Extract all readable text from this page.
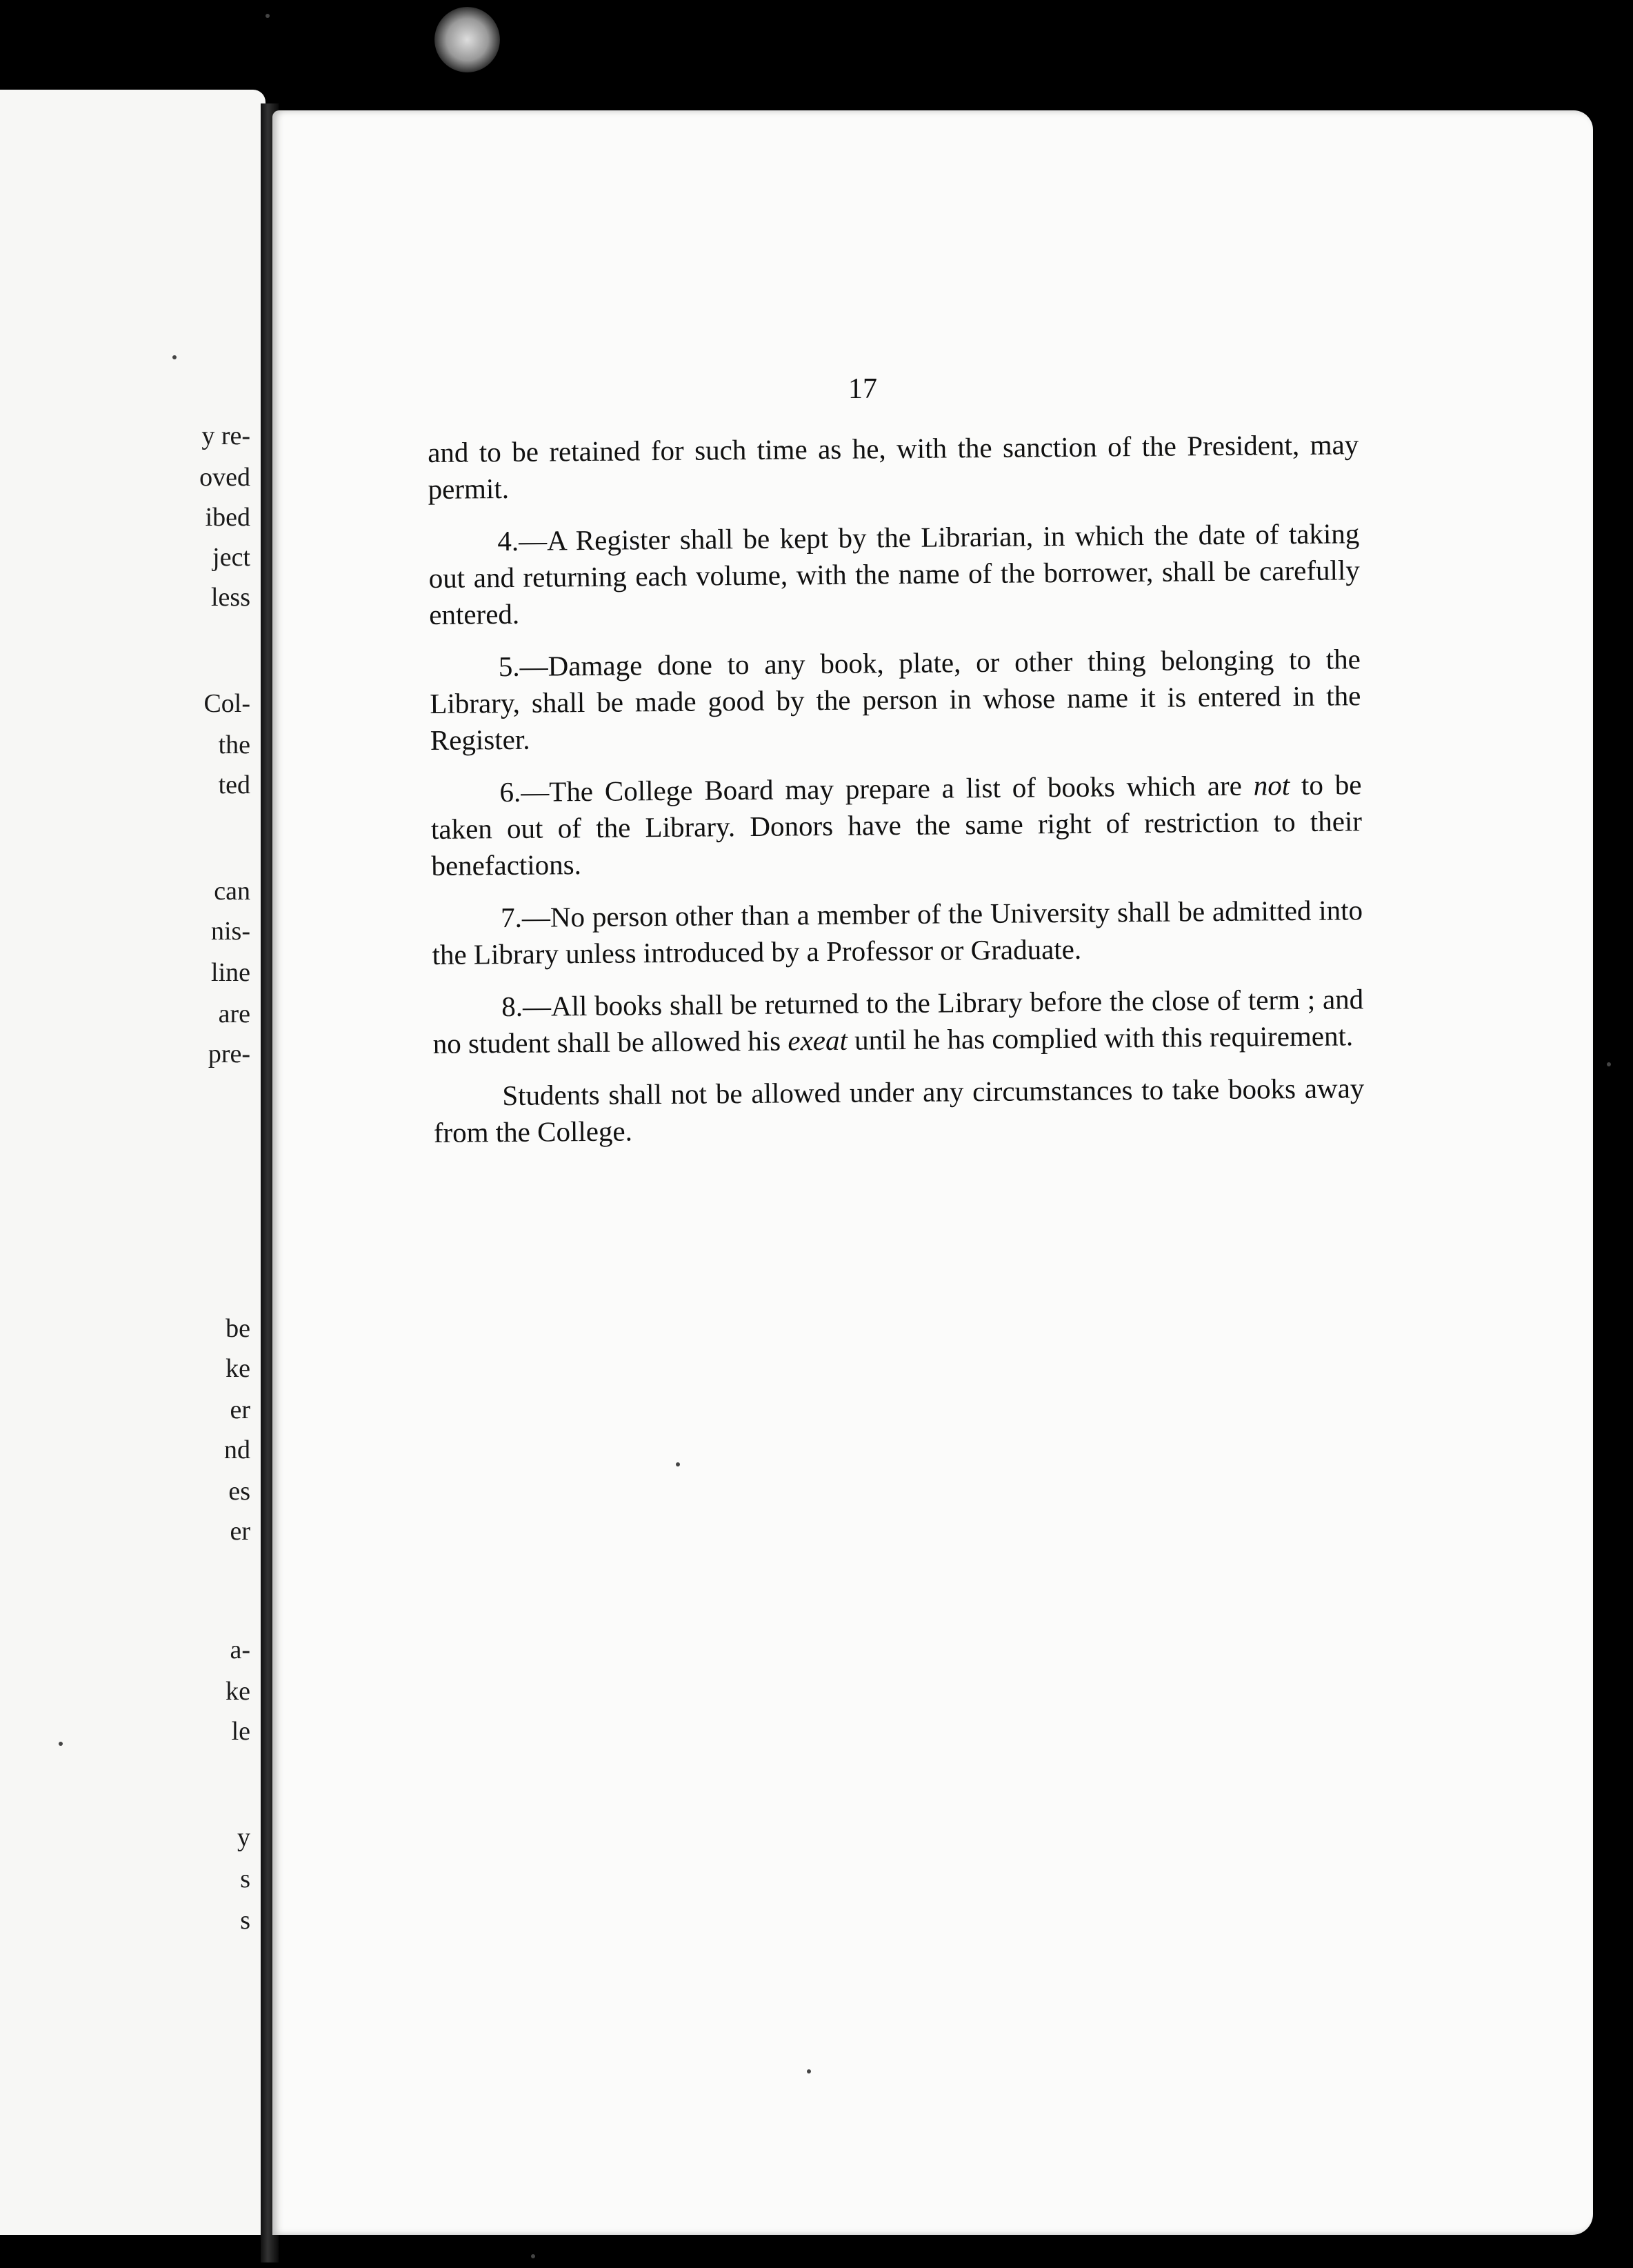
y re-
oved
ibed
ject
less
Col-
the
ted
can
nis-
line
are
pre-
be
ke
er
nd
es
er
a-
ke
le
y
s
s
17

and to be retained for such time as he, with the sanction of the President, may permit.

4.—A Register shall be kept by the Librarian, in which the date of taking out and returning each volume, with the name of the borrower, shall be carefully entered.

5.—Damage done to any book, plate, or other thing belonging to the Library, shall be made good by the person in whose name it is entered in the Register.

6.—The College Board may prepare a list of books which are not to be taken out of the Library. Donors have the same right of restriction to their benefactions.

7.—No person other than a member of the University shall be admitted into the Library unless introduced by a Professor or Graduate.

8.—All books shall be returned to the Library before the close of term ; and no student shall be allowed his exeat until he has complied with this requirement.

Students shall not be allowed under any circumstances to take books away from the College.
